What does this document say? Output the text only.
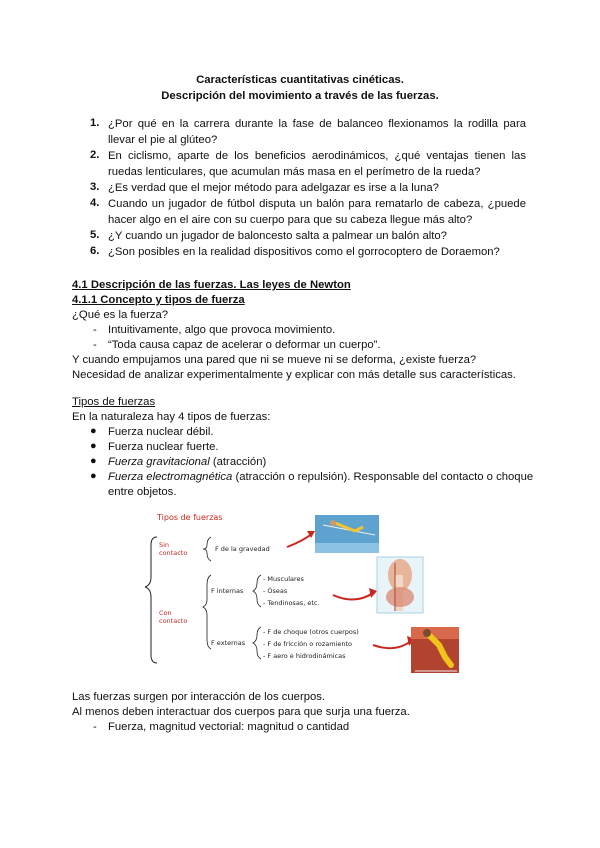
Características cuantitativas cinéticas.
Descripción del movimiento a través de las fuerzas.
1. ¿Por qué en la carrera durante la fase de balanceo flexionamos la rodilla para llevar el pie al glúteo?
2. En ciclismo, aparte de los beneficios aerodinámicos, ¿qué ventajas tienen las ruedas lenticulares, que acumulan más masa en el perímetro de la rueda?
3. ¿Es verdad que el mejor método para adelgazar es irse a la luna?
4. Cuando un jugador de fútbol disputa un balón para rematarlo de cabeza, ¿puede hacer algo en el aire con su cuerpo para que su cabeza llegue más alto?
5. ¿Y cuando un jugador de baloncesto salta a palmear un balón alto?
6. ¿Son posibles en la realidad dispositivos como el gorrocoptero de Doraemon?
4.1 Descripción de las fuerzas. Las leyes de Newton
4.1.1 Concepto y tipos de fuerza
¿Qué es la fuerza?
- Intuitivamente, algo que provoca movimiento.
- “Toda causa capaz de acelerar o deformar un cuerpo”.
Y cuando empujamos una pared que ni se mueve ni se deforma, ¿existe fuerza?
Necesidad de analizar experimentalmente y explicar con más detalle sus características.
Tipos de fuerzas
En la naturaleza hay 4 tipos de fuerzas:
● Fuerza nuclear débil.
● Fuerza nuclear fuerte.
● Fuerza gravitacional (atracción)
● Fuerza electromagnética (atracción o repulsión). Responsable del contacto o choque
entre objetos.
Tipos de fuerzas
Sin contacto	F de la gravedad
Con contacto
F internas
- Musculares
- Óseas
- Tendinosas, etc.
F externas
- F de choque (otros cuerpos)
- F de fricción o rozamiento
- F aero e hidrodinámicas
Las fuerzas surgen por interacción de los cuerpos.
Al menos deben interactuar dos cuerpos para que surja una fuerza.
- Fuerza, magnitud vectorial: magnitud o cantidad
